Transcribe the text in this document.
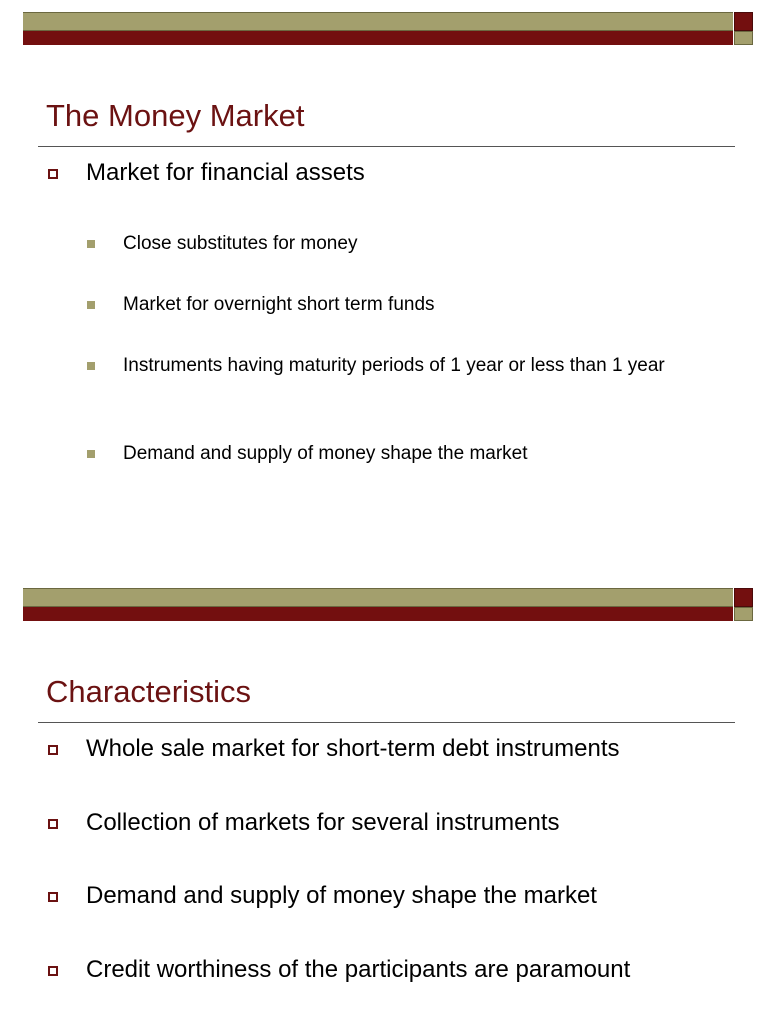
The Money Market
Market for financial assets
Close substitutes for money
Market for overnight short term funds
Instruments having maturity periods of 1 year or less than 1 year
Demand and supply of money shape the market
Characteristics
Whole sale market for short-term debt instruments
Collection of markets for several instruments
Demand and supply of money shape the market
Credit worthiness of the participants are paramount
